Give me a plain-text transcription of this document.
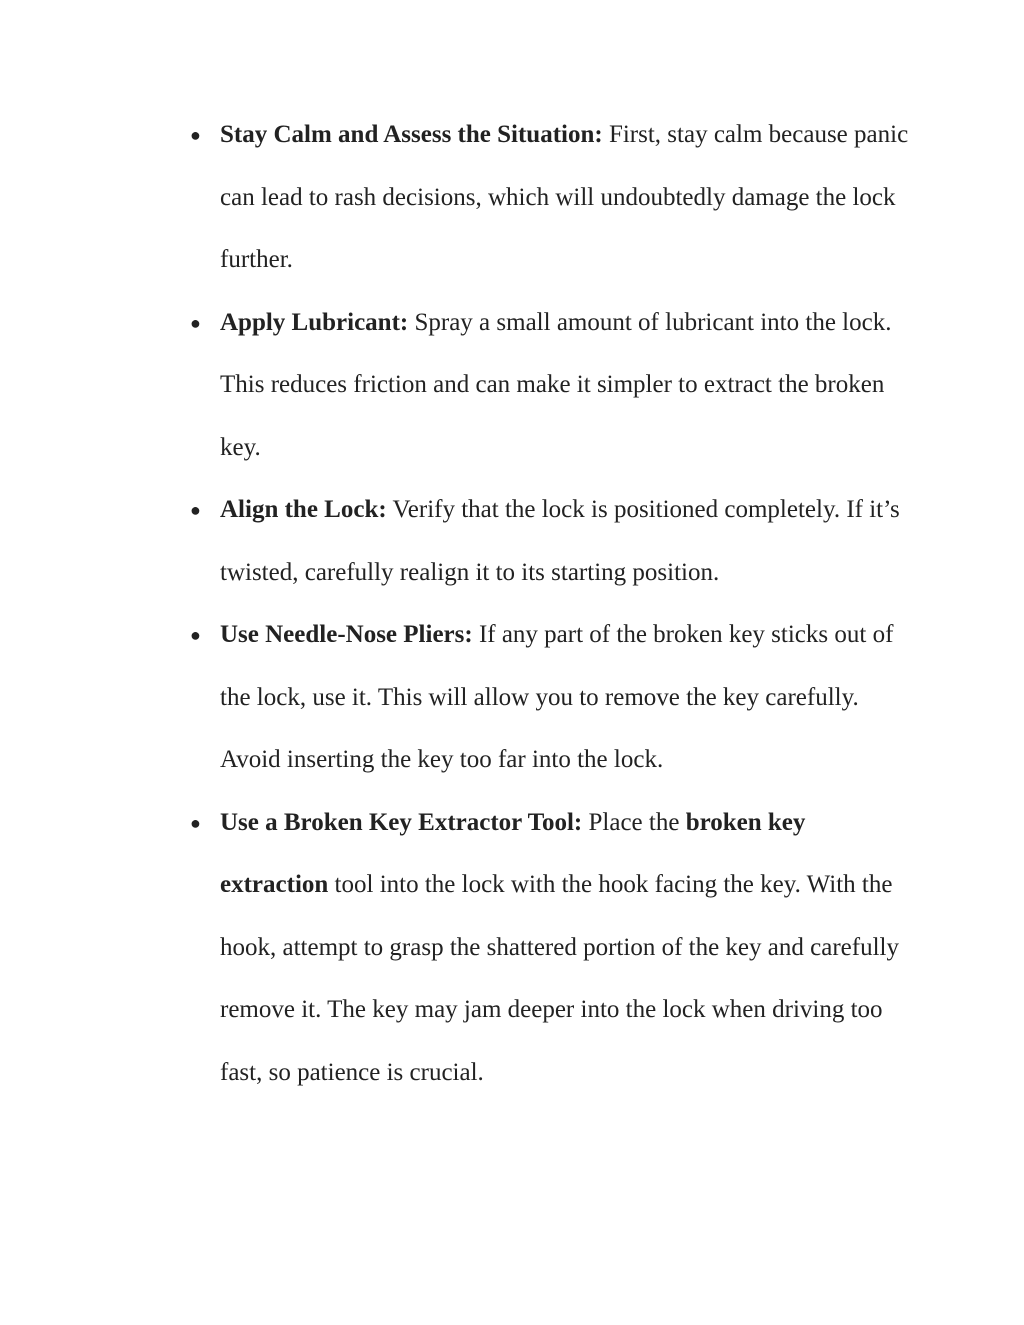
● Stay Calm and Assess the Situation: First, stay calm because panic can lead to rash decisions, which will undoubtedly damage the lock further.
● Apply Lubricant: Spray a small amount of lubricant into the lock. This reduces friction and can make it simpler to extract the broken key.
● Align the Lock: Verify that the lock is positioned completely. If it’s twisted, carefully realign it to its starting position.
● Use Needle-Nose Pliers: If any part of the broken key sticks out of the lock, use it. This will allow you to remove the key carefully. Avoid inserting the key too far into the lock.
● Use a Broken Key Extractor Tool: Place the broken key extraction tool into the lock with the hook facing the key. With the hook, attempt to grasp the shattered portion of the key and carefully remove it. The key may jam deeper into the lock when driving too fast, so patience is crucial.
